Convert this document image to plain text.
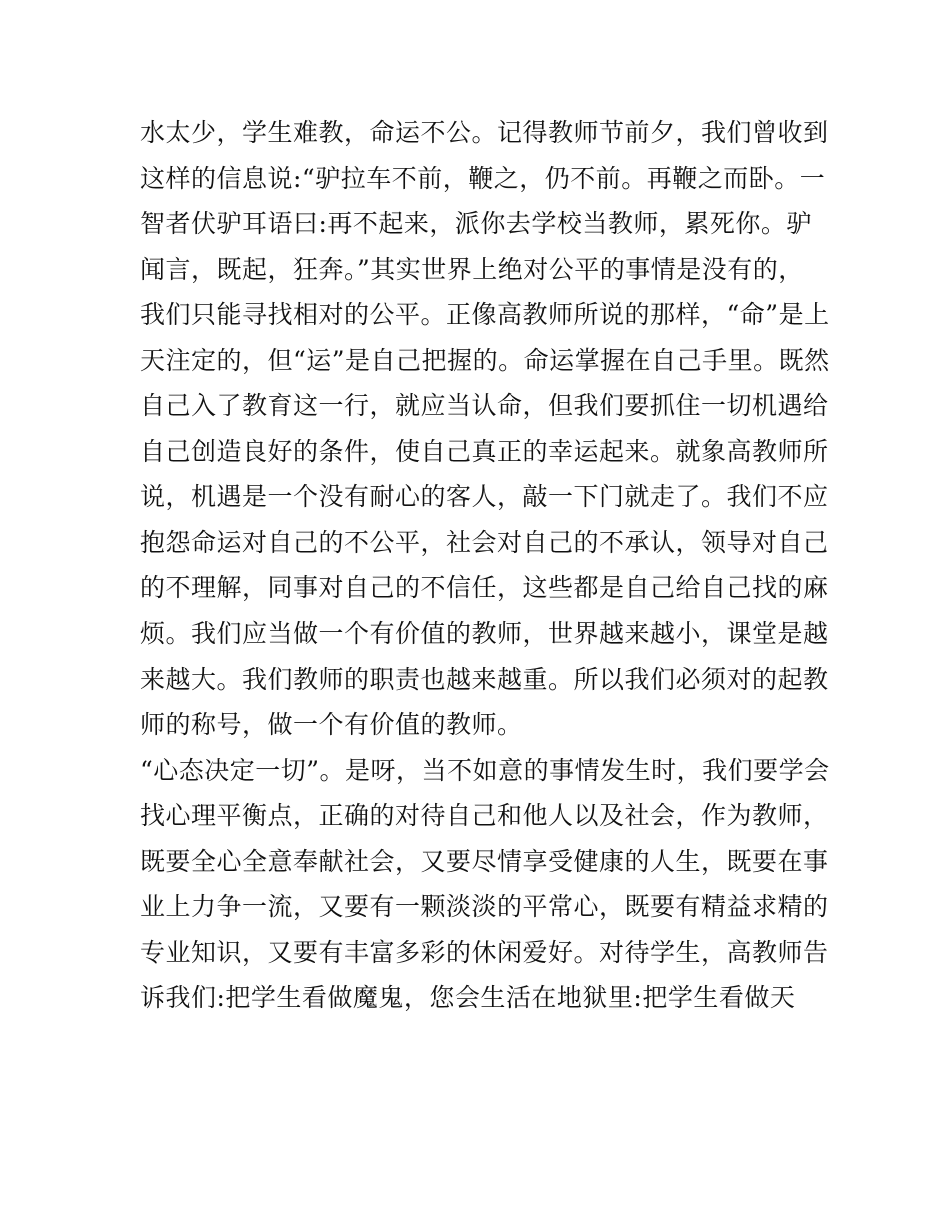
水太少，学生难教，命运不公。记得教师节前夕，我们曾收到
这样的信息说:“驴拉车不前，鞭之，仍不前。再鞭之而卧。一
智者伏驴耳语曰:再不起来，派你去学校当教师，累死你。驴
闻言，既起，狂奔。”其实世界上绝对公平的事情是没有的，
我们只能寻找相对的公平。正像高教师所说的那样，“命”是上
天注定的，但“运”是自己把握的。命运掌握在自己手里。既然
自己入了教育这一行，就应当认命，但我们要抓住一切机遇给
自己创造良好的条件，使自己真正的幸运起来。就象高教师所
说，机遇是一个没有耐心的客人，敲一下门就走了。我们不应
抱怨命运对自己的不公平，社会对自己的不承认，领导对自己
的不理解，同事对自己的不信任，这些都是自己给自己找的麻
烦。我们应当做一个有价值的教师，世界越来越小，课堂是越
来越大。我们教师的职责也越来越重。所以我们必须对的起教
师的称号，做一个有价值的教师。
“心态决定一切”。是呀，当不如意的事情发生时，我们要学会
找心理平衡点，正确的对待自己和他人以及社会，作为教师，
既要全心全意奉献社会，又要尽情享受健康的人生，既要在事
业上力争一流，又要有一颗淡淡的平常心，既要有精益求精的
专业知识，又要有丰富多彩的休闲爱好。对待学生，高教师告
诉我们:把学生看做魔鬼，您会生活在地狱里:把学生看做天
